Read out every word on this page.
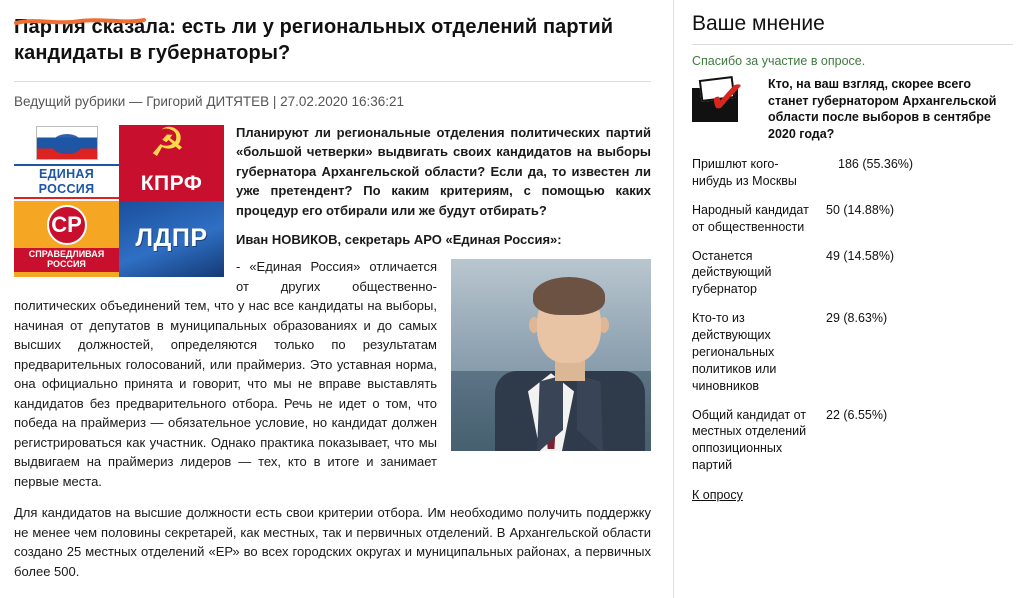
Партия сказала: есть ли у региональных отделений партий кандидаты в губернаторы?
Ведущий рубрики — Григорий ДИТЯТЕВ | 27.02.2020 16:36:21
ЕДИНАЯ РОССИЯ
☭	КПРФ
СР
СПРАВЕДЛИВАЯ РОССИЯ
ЛДПР

Планируют ли региональные отделения политических партий «большой четверки» выдвигать своих кандидатов на выборы губернатора Архангельской области? Если да, то известен ли уже претендент? По каким критериям, с помощью каких процедур его отбирали или же будут отбирать?

Иван НОВИКОВ, секретарь АРО «Единая Россия»:

- «Единая Россия» отличается от других общественно-политических объединений тем, что у нас все кандидаты на выборы, начиная от депутатов в муниципальных образованиях и до самых высших должностей, определяются только по результатам предварительных голосований, или праймериз. Это уставная норма, она официально принята и говорит, что мы не вправе выставлять кандидатов без предварительного отбора. Речь не идет о том, что победа на праймериз — обязательное условие, но кандидат должен регистрироваться как участник. Однако практика показывает, что мы выдвигаем на праймериз лидеров — тех, кто в итоге и занимает первые места.

Для кандидатов на высшие должности есть свои критерии отбора. Им необходимо получить поддержку не менее чем половины секретарей, как местных, так и первичных отделений. В Архангельской области создано 25 местных отделений «ЕР» во всех городских округах и муниципальных районах, а первичных более 500.

Ваше мнение
Спасибо за участие в опросе.
✓ Кто, на ваш взгляд, скорее всего станет губернатором Архангельской области после выборов в сентябре 2020 года?
Пришлют кого-нибудь из Москвы
186 (55.36%)
Народный кандидат от общественности
50 (14.88%)
Останется действующий губернатор
49 (14.58%)
Кто-то из действующих региональных политиков или чиновников
29 (8.63%)
Общий кандидат от местных отделений оппозиционных партий
22 (6.55%)
К опросу
